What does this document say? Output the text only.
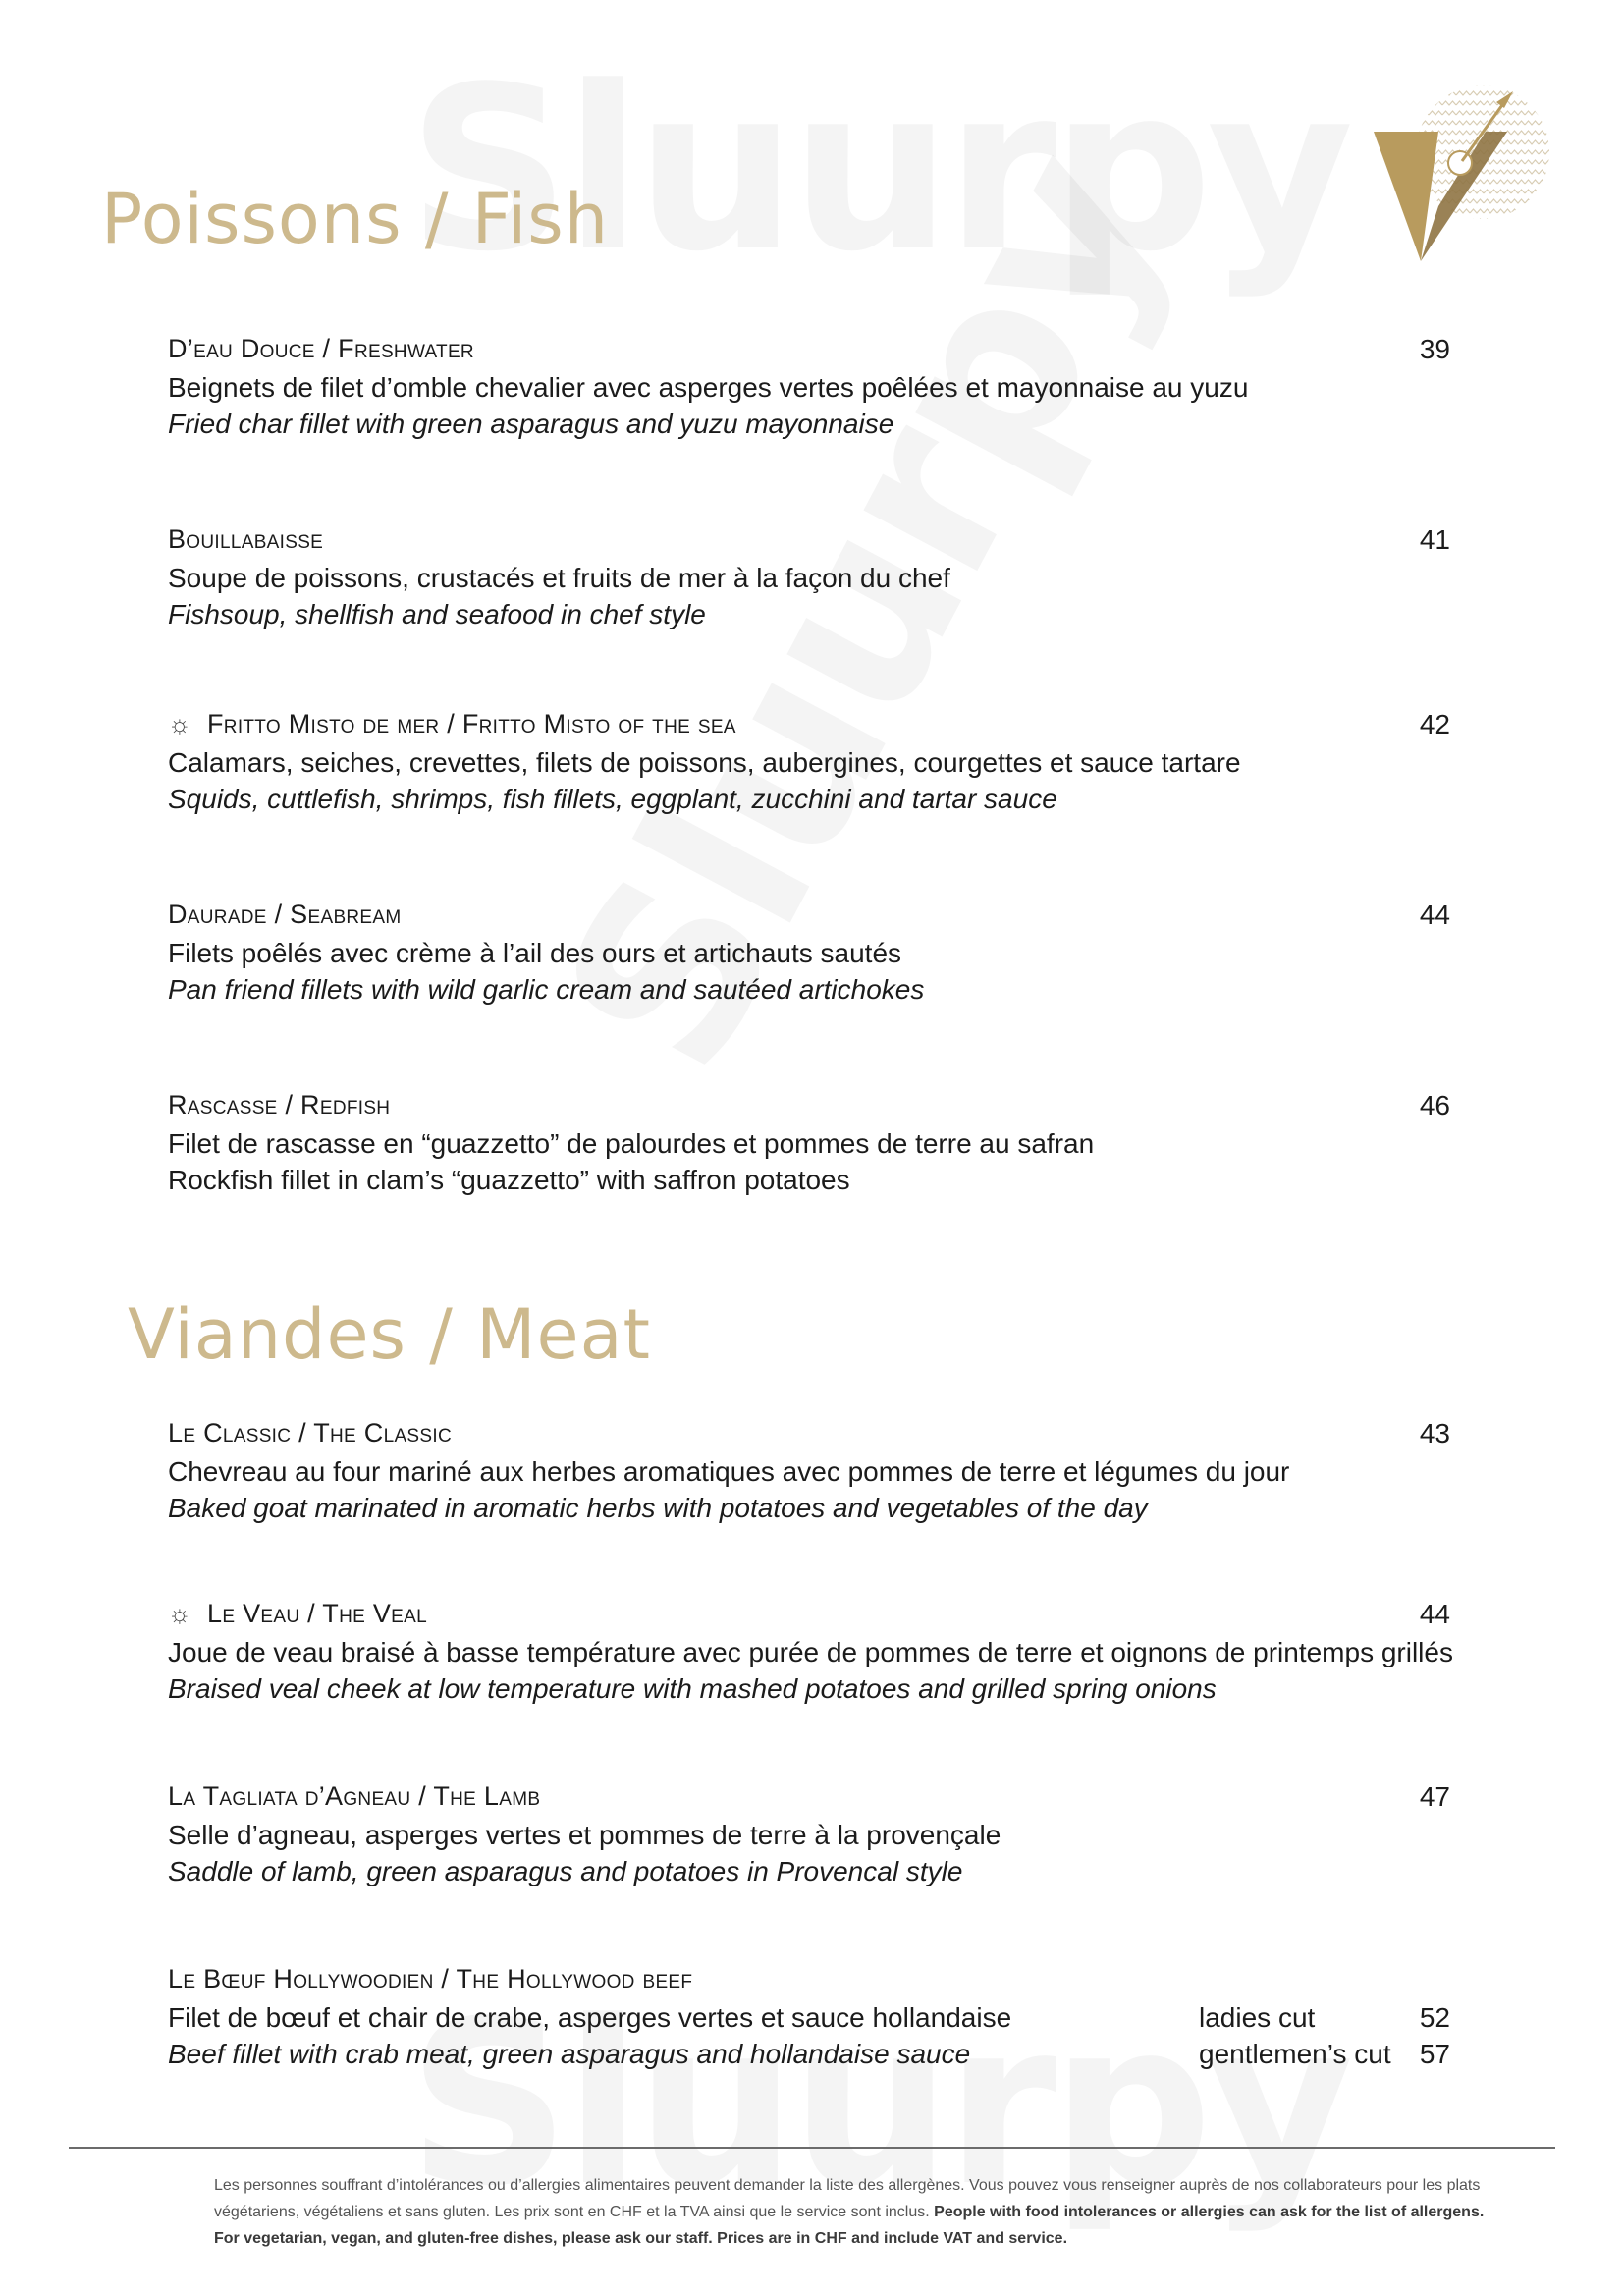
Poissons / Fish
D’eau Douce / Freshwater	39
Beignets de filet d’omble chevalier avec asperges vertes poêlées et mayonnaise au yuzu
Fried char fillet with green asparagus and yuzu mayonnaise
Bouillabaisse	41
Soupe de poissons, crustacés et fruits de mer à la façon du chef
Fishsoup, shellfish and seafood in chef style
☼ Fritto Misto de mer / Fritto Misto of the sea	42
Calamars, seiches, crevettes, filets de poissons, aubergines, courgettes et sauce tartare
Squids, cuttlefish, shrimps, fish fillets, eggplant, zucchini and tartar sauce
Daurade / Seabream	44
Filets poêlés avec crème à l’ail des ours et artichauts sautés
Pan friend fillets with wild garlic cream and sautéed artichokes
Rascasse / Redfish	46
Filet de rascasse en “guazzetto” de palourdes et pommes de terre au safran
Rockfish fillet in clam’s “guazzetto” with saffron potatoes
Viandes / Meat
Le Classic / The Classic	43
Chevreau au four mariné aux herbes aromatiques avec pommes de terre et légumes du jour
Baked goat marinated in aromatic herbs with potatoes and vegetables of the day
☼ Le Veau / The Veal	44
Joue de veau braisé à basse température avec purée de pommes de terre et oignons de printemps grillés
Braised veal cheek at low temperature with mashed potatoes and grilled spring onions
La Tagliata d’Agneau / The Lamb	47
Selle d’agneau, asperges vertes et pommes de terre à la provençale
Saddle of lamb, green asparagus and potatoes in Provencal style
Le Bœuf Hollywoodien / The Hollywood beef
Filet de bœuf et chair de crabe, asperges vertes et sauce hollandaise	ladies cut	52
Beef fillet with crab meat, green asparagus and hollandaise sauce	gentlemen’s cut 57
Les personnes souffrant d’intolérances ou d’allergies alimentaires peuvent demander la liste des allergènes. Vous pouvez vous renseigner auprès de nos collaborateurs pour les plats végétariens, végétaliens et sans gluten. Les prix sont en CHF et la TVA ainsi que le service sont inclus. People with food intolerances or allergies can ask for the list of allergens. For vegetarian, vegan, and gluten-free dishes, please ask our staff. Prices are in CHF and include VAT and service.
